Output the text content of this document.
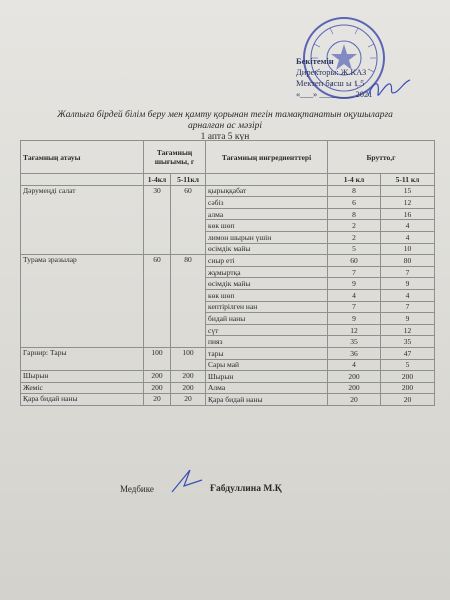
Бекітемін
Директоры: Ж.КАЗ
Мектеп басш ы 1.5
«___» ________ 2021
Жалпыға бірдей білім беру мен қамту қорынан тегін тамақтанатын оқушыларға
арналған ас мәзірі
1 апта 5 күн
Тағамның атауы	Тағамның шығымы, г		Тағамның ингредиенттері	Брутто,г	
	1-4кл	5-11кл		1-4 кл	5-11 кл
Дәрумеңді салат	30	60	қырыққабат	8	15
			сәбіз	6	12
			алма	8	16
			көк шөп	2	4
			лимон шырын үшін	2	4
			өсімдік майы	5	10
Турама зразылар	60	80	сиыр еті	60	80
			жұмыртқа	7	7
			өсімдік майы	9	9
			көк шөп	4	4
			кептірілген нан	7	7
			бидай наны	9	9
			сүт	12	12
			пияз	35	35
Гарнир: Тары	100	100	тары	36	47
			Сары май	4	5
Шырын	200	200	Шырын	200	200
Жеміс	200	200	Алма	200	200
Қара бидай наны	20	20	Қара бидай наны	20	20
Медбике	Ғабдуллина М.Қ
